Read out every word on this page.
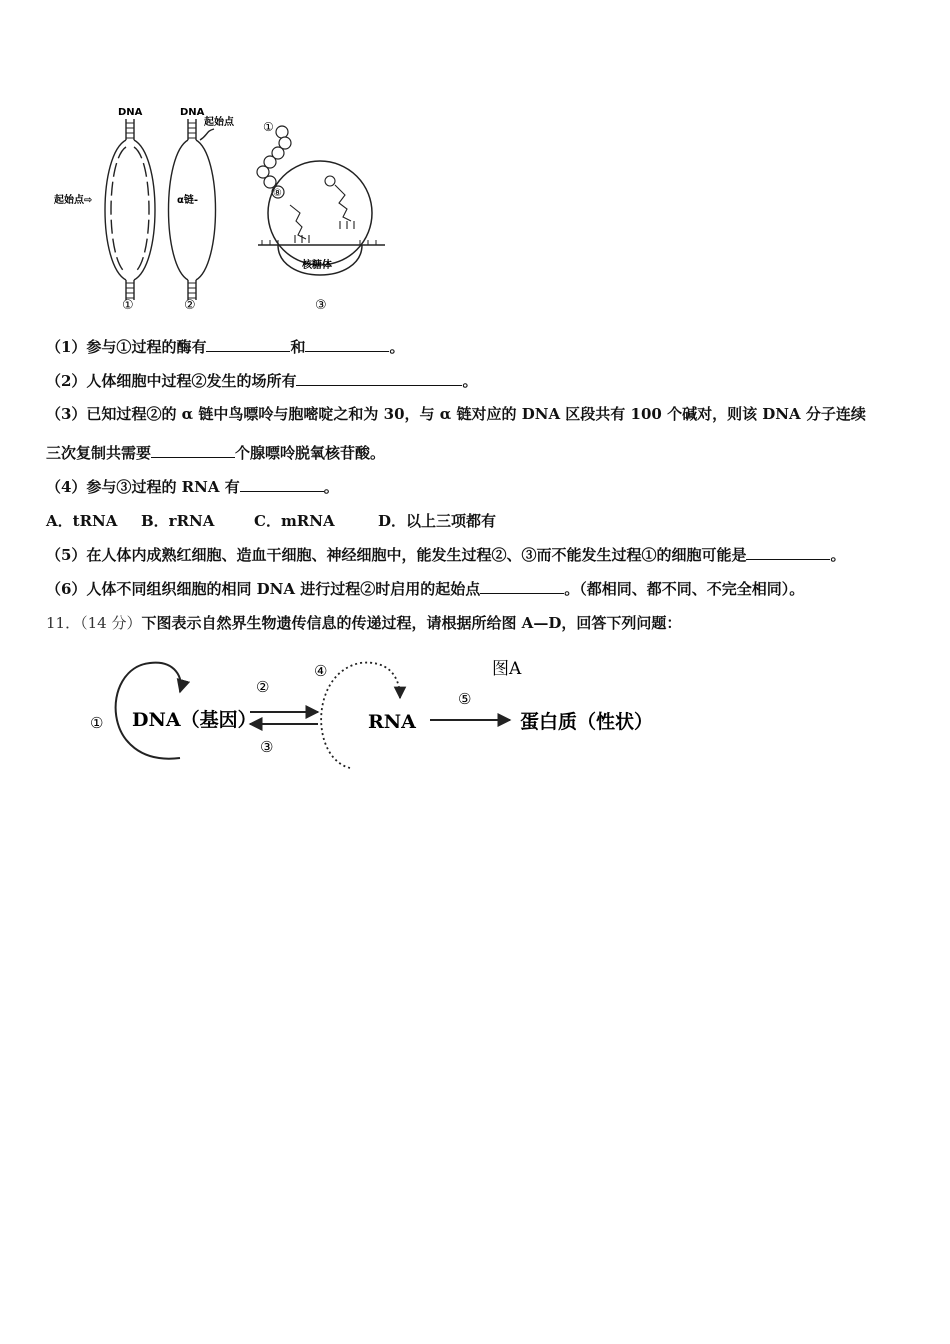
DNA
起始点⇨
①
DNA
起始点
α链-
②
①
⑧
核糖体
③
（1）参与①过程的酶有	和	。
（2）人体细胞中过程②发生的场所有	。
（3）已知过程②的 α 链中鸟嘌呤与胞嘧啶之和为 30，与 α 链对应的 DNA 区段共有 100 个碱对，则该 DNA 分子连续
三次复制共需要	个腺嘌呤脱氧核苷酸。
（4）参与③过程的 RNA 有	。
A．tRNA B．rRNA	C．mRNA	D．以上三项都有
（5）在人体内成熟红细胞、造血干细胞、神经细胞中，能发生过程②、③而不能发生过程①的细胞可能是	。
（6）人体不同组织细胞的相同 DNA 进行过程②时启用的起始点	。（都相同、都不同、不完全相同）。
11．（14 分）下图表示自然界生物遗传信息的传递过程，请根据所给图 A—D，回答下列问题：
图A
① DNA（基因）
②
③
④
RNA
⑤
蛋白质（性状）
